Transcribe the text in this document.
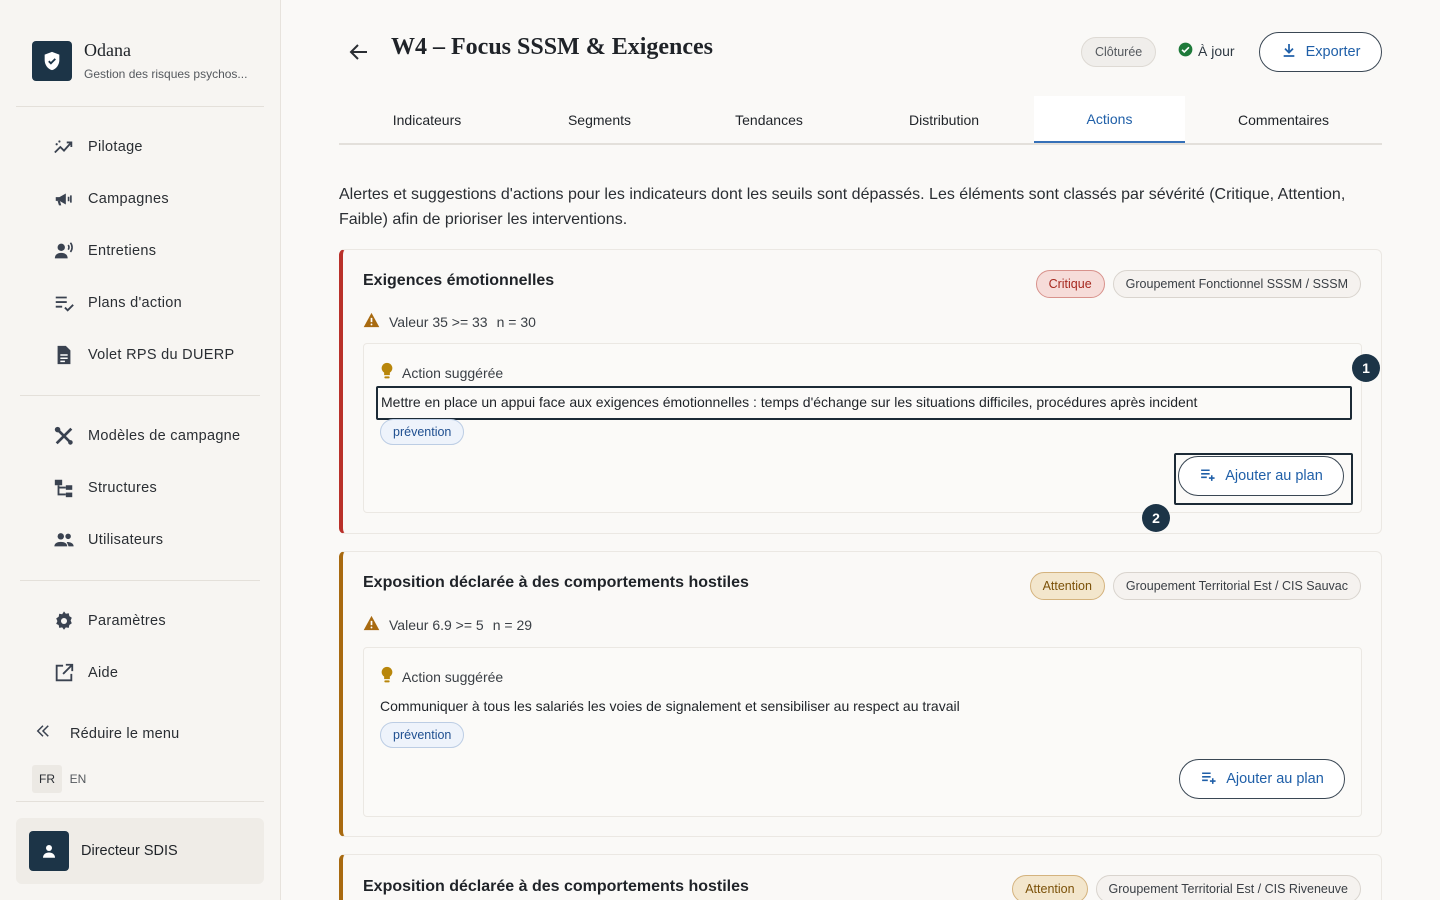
Odana
Gestion des risques psychos...
Pilotage
Campagnes
Entretiens
Plans d'action
Volet RPS du DUERP
Modèles de campagne
Structures
Utilisateurs
Paramètres
Aide
Réduire le menu
FR	EN
Directeur SDIS
W4 – Focus SSSM & Exigences	Clôturée	À jour	Exporter
Indicateurs	Segments	Tendances	Distribution	Actions	Commentaires

Alertes et suggestions d'actions pour les indicateurs dont les seuils sont dépassés. Les éléments sont classés par sévérité (Critique, Attention, Faible) afin de prioriser les interventions.

Exigences émotionnelles	Critique	Groupement Fonctionnel SSSM / SSSM
Valeur 35 >= 33 n = 30
Action suggérée
Mettre en place un appui face aux exigences émotionnelles : temps d'échange sur les situations difficiles, procédures après incident
prévention
Ajouter au plan
Exposition déclarée à des comportements hostiles	Attention	Groupement Territorial Est / CIS Sauvac
Valeur 6.9 >= 5 n = 29
Action suggérée
Communiquer à tous les salariés les voies de signalement et sensibiliser au respect au travail
prévention
Ajouter au plan
Exposition déclarée à des comportements hostiles	Attention	Groupement Territorial Est / CIS Riveneuve
1
2
